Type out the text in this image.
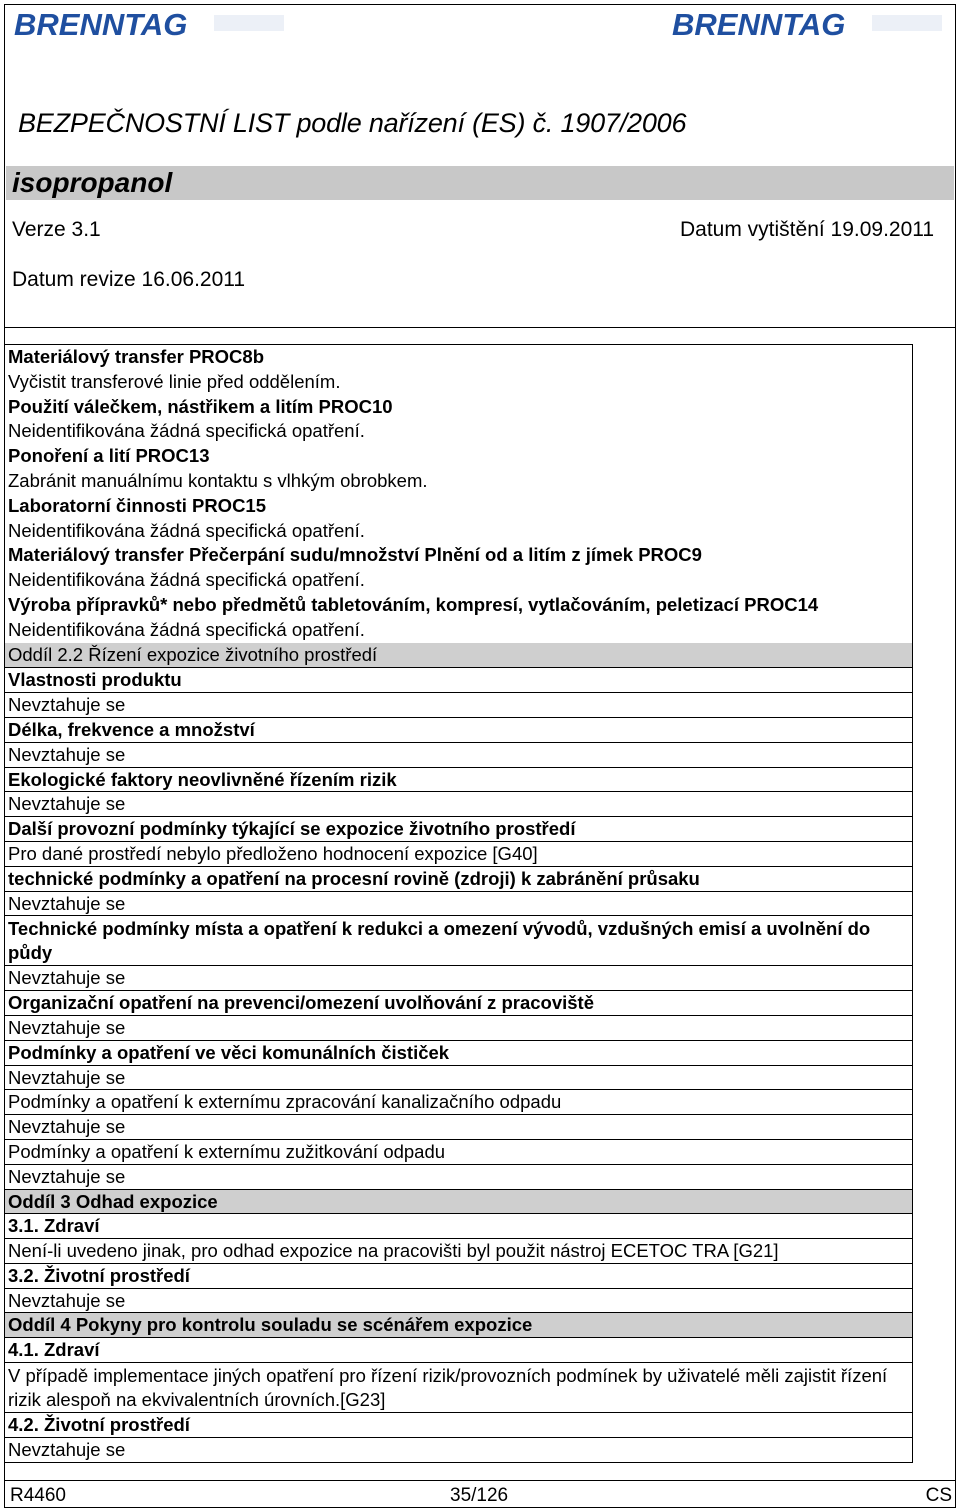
BRENNTAG	BRENNTAG
BEZPEČNOSTNÍ LIST podle nařízení (ES) č. 1907/2006
isopropanol
Verze 3.1	Datum vytištění 19.09.2011
Datum revize 16.06.2011
Materiálový transfer PROC8b
Vyčistit transferové linie před oddělením.
Použití válečkem, nástřikem a litím PROC10
Neidentifikována žádná specifická opatření.
Ponoření a lití PROC13
Zabránit manuálnímu kontaktu s vlhkým obrobkem.
Laboratorní činnosti PROC15
Neidentifikována žádná specifická opatření.
Materiálový transfer Přečerpání sudu/množství Plnění od a litím z jímek PROC9
Neidentifikována žádná specifická opatření.
Výroba přípravků* nebo předmětů tabletováním, kompresí, vytlačováním, peletizací PROC14
Neidentifikována žádná specifická opatření.
Oddíl 2.2 Řízení expozice životního prostředí
Vlastnosti produktu
Nevztahuje se
Délka, frekvence a množství
Nevztahuje se
Ekologické faktory neovlivněné řízením rizik
Nevztahuje se
Další provozní podmínky týkající se expozice životního prostředí
Pro dané prostředí nebylo předloženo hodnocení expozice [G40]
technické podmínky a opatření na procesní rovině (zdroji) k zabránění průsaku
Nevztahuje se
Technické podmínky místa a opatření k redukci a omezení vývodů, vzdušných emisí a uvolnění do půdy
Nevztahuje se
Organizační opatření na prevenci/omezení uvolňování z pracoviště
Nevztahuje se
Podmínky a opatření ve věci komunálních čističek
Nevztahuje se
Podmínky a opatření k externímu zpracování kanalizačního odpadu
Nevztahuje se
Podmínky a opatření k externímu zužitkování odpadu
Nevztahuje se
Oddíl 3 Odhad expozice
3.1. Zdraví
Není-li uvedeno jinak, pro odhad expozice na pracovišti byl použit nástroj ECETOC TRA [G21]
3.2. Životní prostředí
Nevztahuje se
Oddíl 4 Pokyny pro kontrolu souladu se scénářem expozice
4.1. Zdraví
V případě implementace jiných opatření pro řízení rizik/provozních podmínek by uživatelé měli zajistit řízení rizik alespoň na ekvivalentních úrovních.[G23]
4.2. Životní prostředí
Nevztahuje se
R4460	35/126	CS
